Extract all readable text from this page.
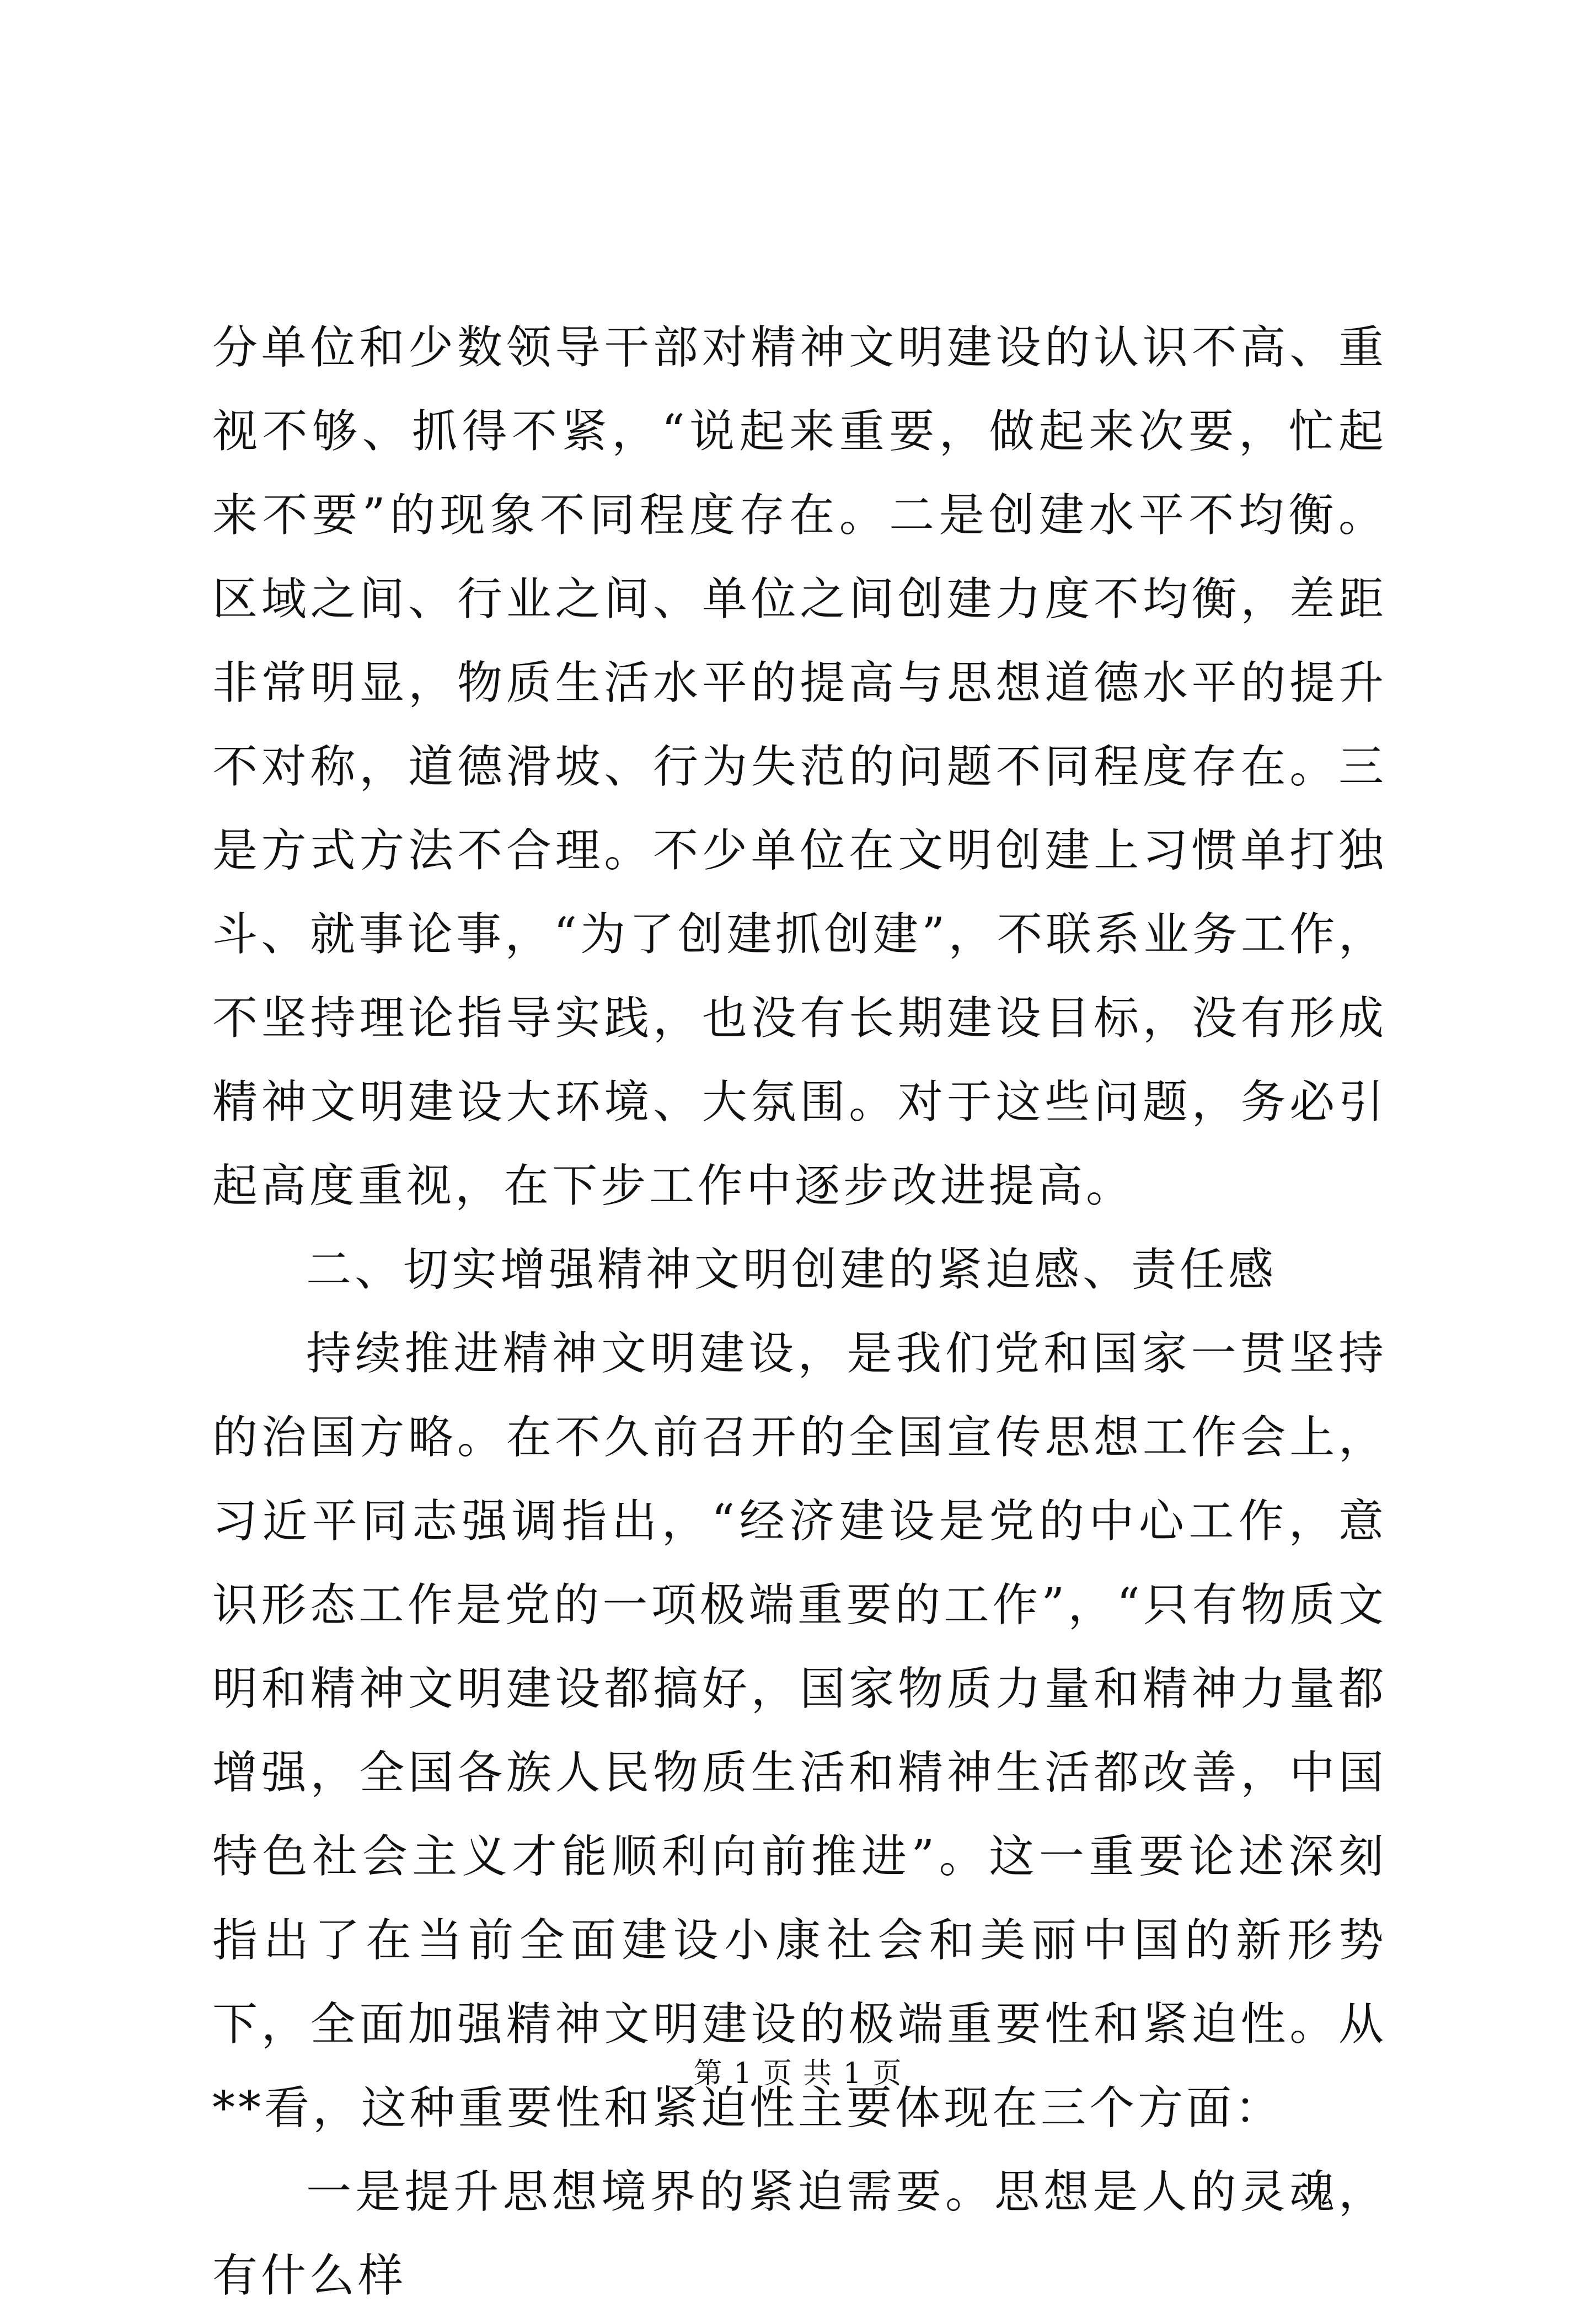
分单位和少数领导干部对精神文明建设的认识不高、重视不够、抓得不紧，“说起来重要，做起来次要，忙起来不要”的现象不同程度存在。二是创建水平不均衡。区域之间、行业之间、单位之间创建力度不均衡，差距非常明显，物质生活水平的提高与思想道德水平的提升不对称，道德滑坡、行为失范的问题不同程度存在。三是方式方法不合理。不少单位在文明创建上习惯单打独斗、就事论事，“为了创建抓创建”，不联系业务工作，不坚持理论指导实践，也没有长期建设目标，没有形成精神文明建设大环境、大氛围。对于这些问题，务必引起高度重视，在下步工作中逐步改进提高。

二、切实增强精神文明创建的紧迫感、责任感

持续推进精神文明建设，是我们党和国家一贯坚持的治国方略。在不久前召开的全国宣传思想工作会上，习近平同志强调指出，“经济建设是党的中心工作，意识形态工作是党的一项极端重要的工作”，“只有物质文明和精神文明建设都搞好，国家物质力量和精神力量都增强，全国各族人民物质生活和精神生活都改善，中国特色社会主义才能顺利向前推进”。这一重要论述深刻指出了在当前全面建设小康社会和美丽中国的新形势下，全面加强精神文明建设的极端重要性和紧迫性。从**看，这种重要性和紧迫性主要体现在三个方面：

一是提升思想境界的紧迫需要。思想是人的灵魂，有什么样

第 1 页 共 1 页
